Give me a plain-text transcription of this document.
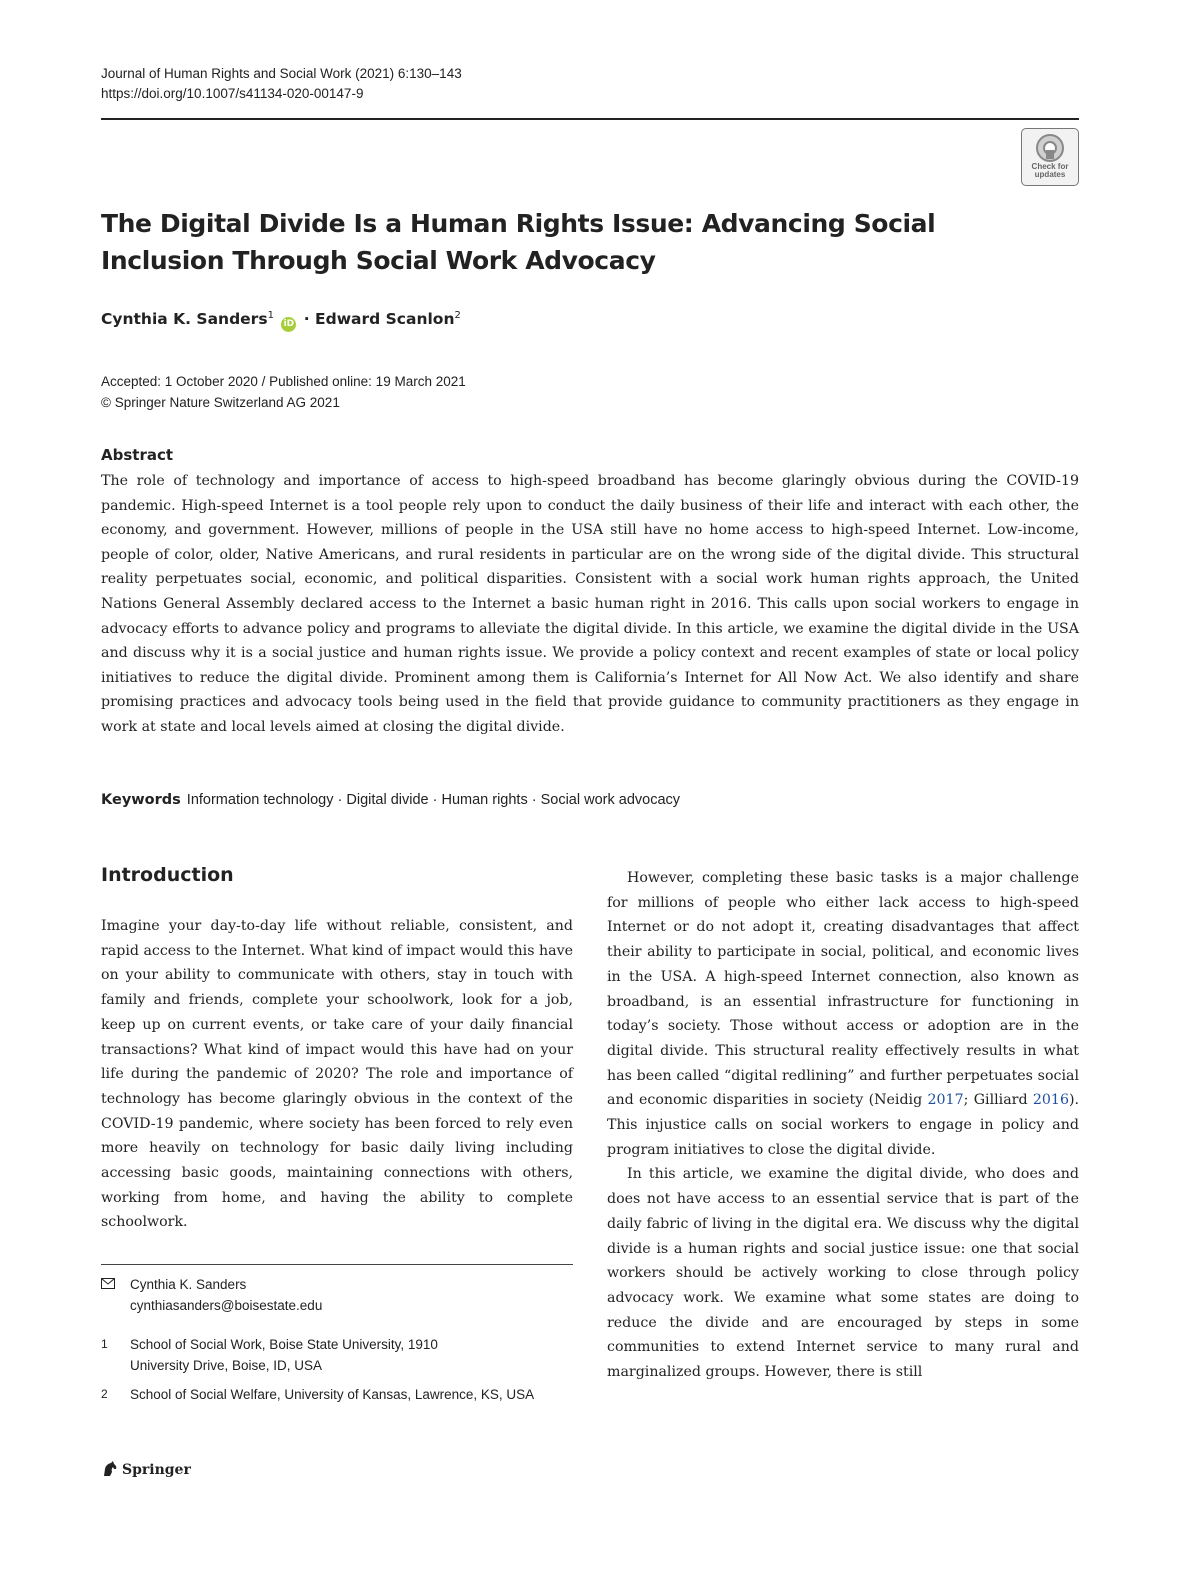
Journal of Human Rights and Social Work (2021) 6:130–143
https://doi.org/10.1007/s41134-020-00147-9
Check for
updates
The Digital Divide Is a Human Rights Issue: Advancing Social Inclusion Through Social Work Advocacy
Cynthia K. Sanders$^1$ iD · Edward Scanlon$^2$
Accepted: 1 October 2020 / Published online: 19 March 2021
© Springer Nature Switzerland AG 2021
Abstract
The role of technology and importance of access to high-speed broadband has become glaringly obvious during the COVID-19 pandemic. High-speed Internet is a tool people rely upon to conduct the daily business of their life and interact with each other, the economy, and government. However, millions of people in the USA still have no home access to high-speed Internet. Low-income, people of color, older, Native Americans, and rural residents in particular are on the wrong side of the digital divide. This structural reality perpetuates social, economic, and political disparities. Consistent with a social work human rights approach, the United Nations General Assembly declared access to the Internet a basic human right in 2016. This calls upon social workers to engage in advocacy efforts to advance policy and programs to alleviate the digital divide. In this article, we examine the digital divide in the USA and discuss why it is a social justice and human rights issue. We provide a policy context and recent examples of state or local policy initiatives to reduce the digital divide. Prominent among them is California’s Internet for All Now Act. We also identify and share promising practices and advocacy tools being used in the field that provide guidance to community practitioners as they engage in work at state and local levels aimed at closing the digital divide.
Keywords Information technology · Digital divide · Human rights · Social work advocacy
Introduction

Imagine your day-to-day life without reliable, consistent, and rapid access to the Internet. What kind of impact would this have on your ability to communicate with others, stay in touch with family and friends, complete your schoolwork, look for a job, keep up on current events, or take care of your daily financial transactions? What kind of impact would this have had on your life during the pandemic of 2020? The role and importance of technology has become glaringly obvious in the context of the COVID-19 pandemic, where society has been forced to rely even more heavily on technology for basic daily living including accessing basic goods, maintaining connections with others, working from home, and having the ability to complete schoolwork.

However, completing these basic tasks is a major challenge for millions of people who either lack access to high-speed Internet or do not adopt it, creating disadvantages that affect their ability to participate in social, political, and economic lives in the USA. A high-speed Internet connection, also known as broadband, is an essential infrastructure for functioning in today’s society. Those without access or adoption are in the digital divide. This structural reality effectively results in what has been called “digital redlining” and further perpetuates social and economic disparities in society (Neidig 2017; Gilliard 2016). This injustice calls on social workers to engage in policy and program initiatives to close the digital divide.

In this article, we examine the digital divide, who does and does not have access to an essential service that is part of the daily fabric of living in the digital era. We discuss why the digital divide is a human rights and social justice issue: one that social workers should be actively working to close through policy advocacy work. We examine what some states are doing to reduce the divide and are encouraged by steps in some communities to extend Internet service to many rural and marginalized groups. However, there is still

Cynthia K. Sanders
cynthiasanders@boisestate.edu
1 School of Social Work, Boise State University, 1910 University Drive, Boise, ID, USA
2 School of Social Welfare, University of Kansas, Lawrence, KS, USA
Springer
